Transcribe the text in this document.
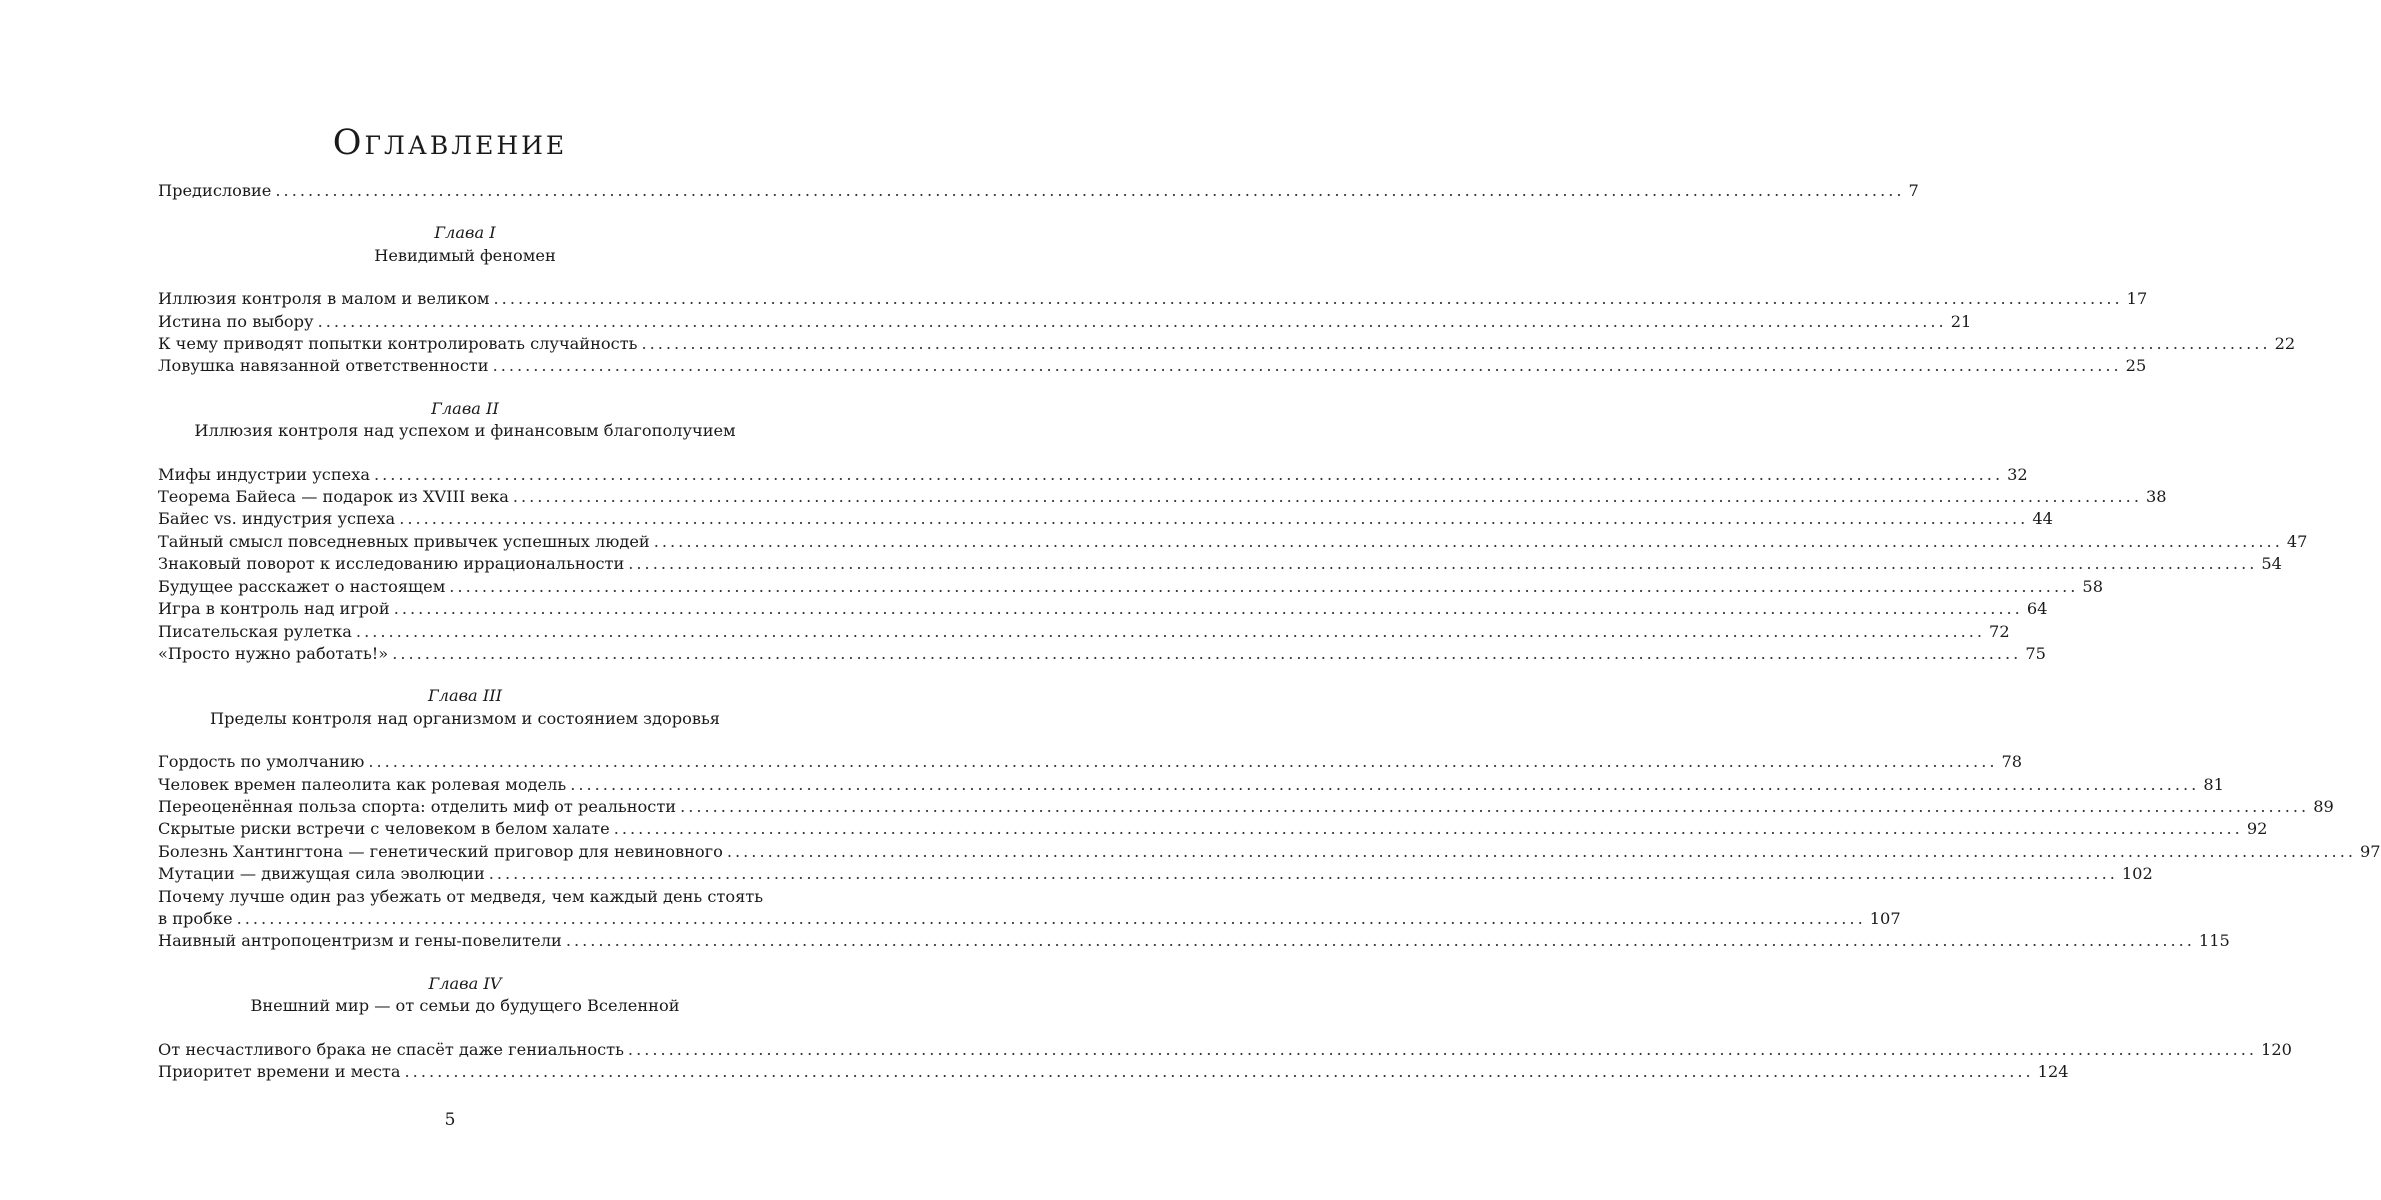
Оглавление
Предисловие ........................................................................................................................................................................................................ 7
Глава I
Невидимый феномен
Иллюзия контроля в малом и великом ........................................................................................................................................................................................................ 17
Истина по выбору ........................................................................................................................................................................................................ 21
К чему приводят попытки контролировать случайность ........................................................................................................................................................................................................ 22
Ловушка навязанной ответственности ........................................................................................................................................................................................................ 25
Глава II
Иллюзия контроля над успехом и финансовым благополучием
Мифы индустрии успеха ........................................................................................................................................................................................................ 32
Теорема Байеса — подарок из XVIII века ........................................................................................................................................................................................................ 38
Байес vs. индустрия успеха ........................................................................................................................................................................................................ 44
Тайный смысл повседневных привычек успешных людей ........................................................................................................................................................................................................ 47
Знаковый поворот к исследованию иррациональности ........................................................................................................................................................................................................ 54
Будущее расскажет о настоящем ........................................................................................................................................................................................................ 58
Игра в контроль над игрой ........................................................................................................................................................................................................ 64
Писательская рулетка ........................................................................................................................................................................................................ 72
«Просто нужно работать!» ........................................................................................................................................................................................................ 75
Глава III
Пределы контроля над организмом и состоянием здоровья
Гордость по умолчанию ........................................................................................................................................................................................................ 78
Человек времен палеолита как ролевая модель ........................................................................................................................................................................................................ 81
Переоценённая польза спорта: отделить миф от реальности ........................................................................................................................................................................................................ 89
Скрытые риски встречи с человеком в белом халате ........................................................................................................................................................................................................ 92
Болезнь Хантингтона — генетический приговор для невиновного ........................................................................................................................................................................................................ 97
Мутации — движущая сила эволюции ........................................................................................................................................................................................................ 102
Почему лучше один раз убежать от медведя, чем каждый день стоять
в пробке ........................................................................................................................................................................................................ 107
Наивный антропоцентризм и гены-повелители ........................................................................................................................................................................................................ 115
Глава IV
Внешний мир — от семьи до будущего Вселенной
От несчастливого брака не спасёт даже гениальность ........................................................................................................................................................................................................ 120
Приоритет времени и места ........................................................................................................................................................................................................ 124
5
